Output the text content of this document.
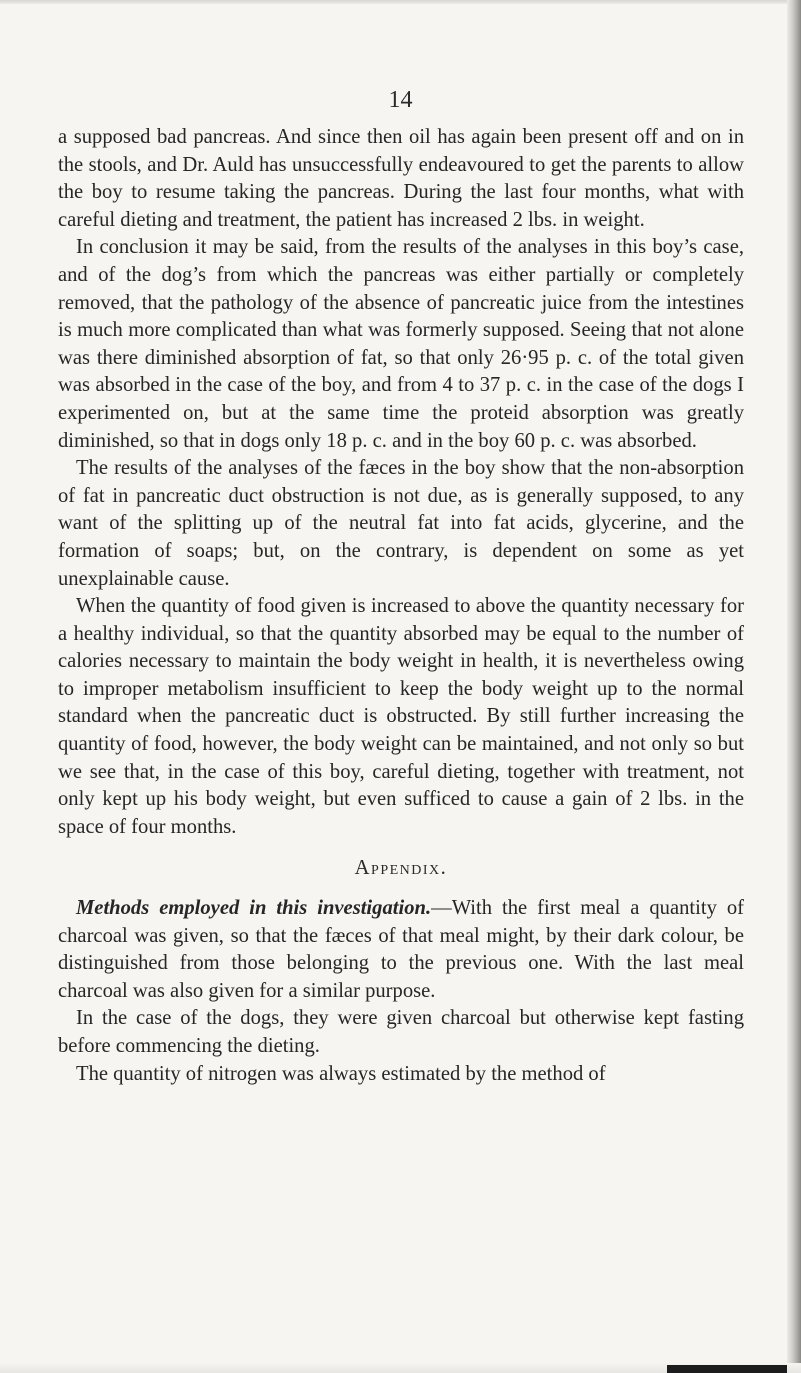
14

a supposed bad pancreas. And since then oil has again been present off and on in the stools, and Dr. Auld has unsuccessfully endeavoured to get the parents to allow the boy to resume taking the pancreas. During the last four months, what with careful dieting and treatment, the patient has increased 2 lbs. in weight.

In conclusion it may be said, from the results of the analyses in this boy’s case, and of the dog’s from which the pancreas was either partially or completely removed, that the pathology of the absence of pancreatic juice from the intestines is much more complicated than what was formerly supposed. Seeing that not alone was there diminished absorption of fat, so that only 26·95 p. c. of the total given was absorbed in the case of the boy, and from 4 to 37 p. c. in the case of the dogs I experimented on, but at the same time the proteid absorption was greatly diminished, so that in dogs only 18 p. c. and in the boy 60 p. c. was absorbed.

The results of the analyses of the fæces in the boy show that the non-absorption of fat in pancreatic duct obstruction is not due, as is generally supposed, to any want of the splitting up of the neutral fat into fat acids, glycerine, and the formation of soaps; but, on the contrary, is dependent on some as yet unexplainable cause.

When the quantity of food given is increased to above the quantity necessary for a healthy individual, so that the quantity absorbed may be equal to the number of calories necessary to maintain the body weight in health, it is nevertheless owing to improper metabolism insufficient to keep the body weight up to the normal standard when the pancreatic duct is obstructed. By still further increasing the quantity of food, however, the body weight can be maintained, and not only so but we see that, in the case of this boy, careful dieting, together with treatment, not only kept up his body weight, but even sufficed to cause a gain of 2 lbs. in the space of four months.

Appendix.

Methods employed in this investigation.—With the first meal a quantity of charcoal was given, so that the fæces of that meal might, by their dark colour, be distinguished from those belonging to the previous one. With the last meal charcoal was also given for a similar purpose.

In the case of the dogs, they were given charcoal but otherwise kept fasting before commencing the dieting.

The quantity of nitrogen was always estimated by the method of
